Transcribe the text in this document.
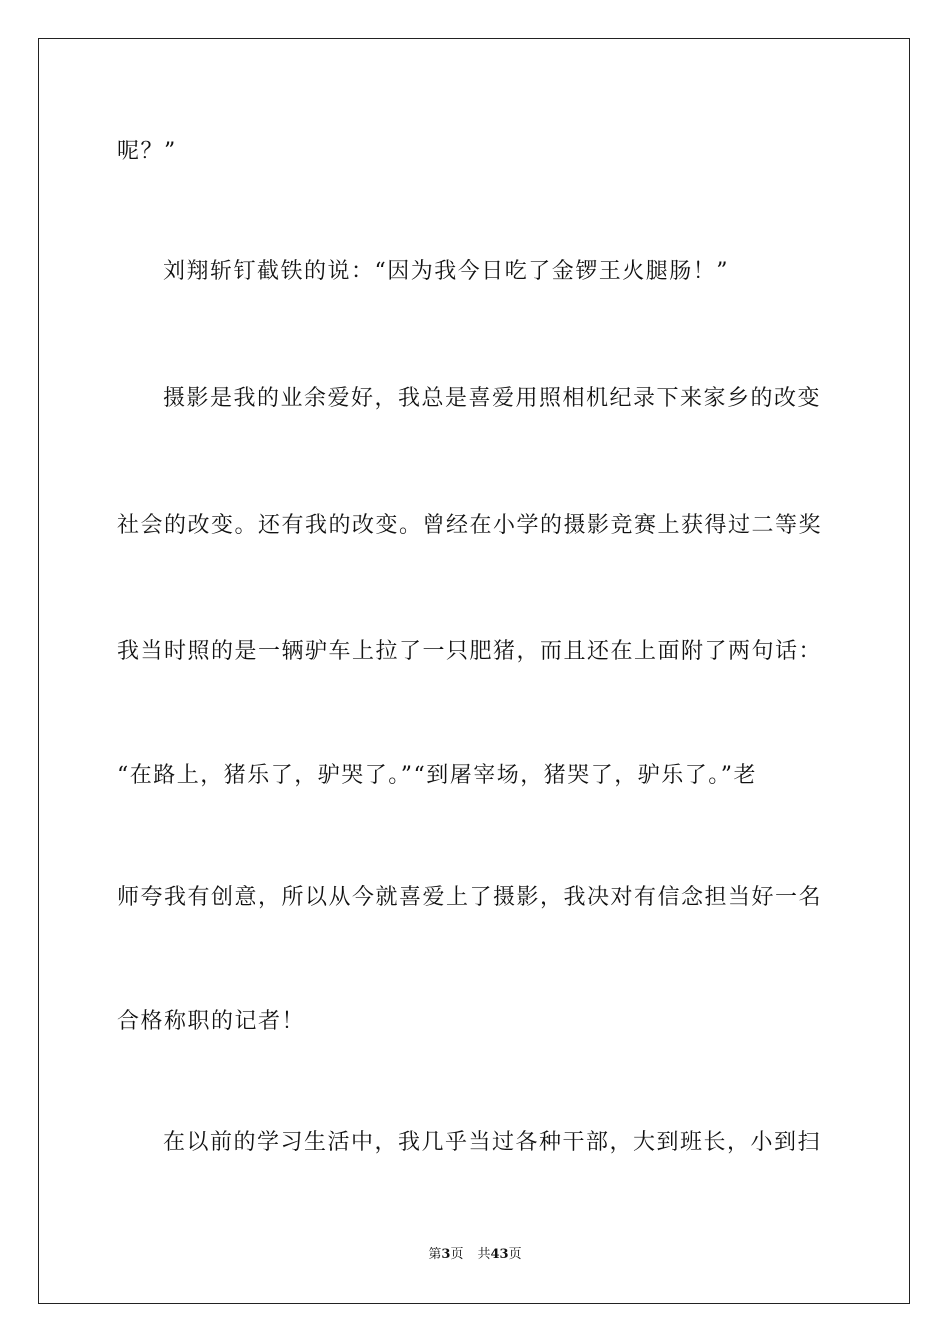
呢？”
刘翔斩钉截铁的说：“因为我今日吃了金锣王火腿肠！”
摄影是我的业余爱好，我总是喜爱用照相机纪录下来家乡的改变
社会的改变。还有我的改变。曾经在小学的摄影竞赛上获得过二等奖
我当时照的是一辆驴车上拉了一只肥猪，而且还在上面附了两句话：
“在路上，猪乐了，驴哭了。”“到屠宰场，猪哭了，驴乐了。”老
师夸我有创意，所以从今就喜爱上了摄影，我决对有信念担当好一名
合格称职的记者！
在以前的学习生活中，我几乎当过各种干部，大到班长，小到扫
第3页 共43页
